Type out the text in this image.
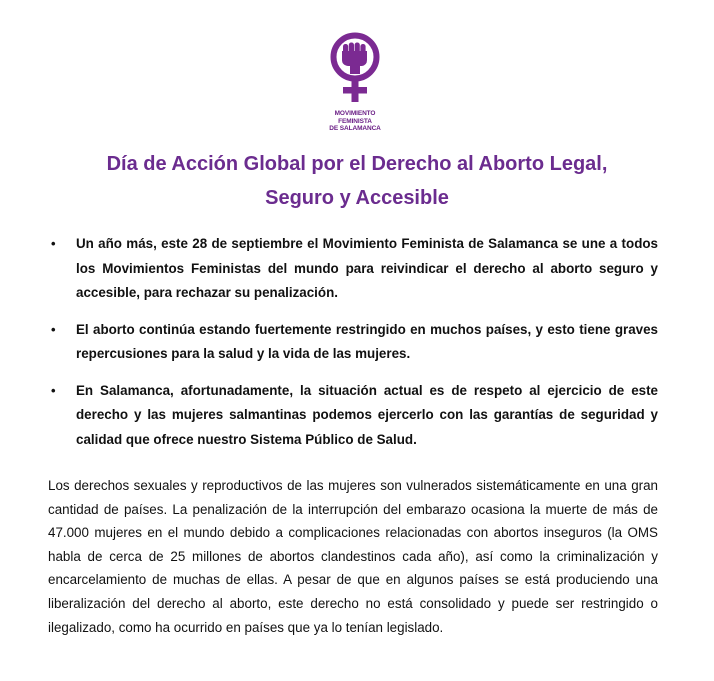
MOVIMIENTO
FEMINISTA
DE SALAMANCA
Día de Acción Global por el Derecho al Aborto Legal,
Seguro y Accesible
• Un año más, este 28 de septiembre el Movimiento Feminista de Salamanca se une a todos los Movimientos Feministas del mundo para reivindicar el derecho al aborto seguro y accesible, para rechazar su penalización.
• El aborto continúa estando fuertemente restringido en muchos países, y esto tiene graves repercusiones para la salud y la vida de las mujeres.
• En Salamanca, afortunadamente, la situación actual es de respeto al ejercicio de este derecho y las mujeres salmantinas podemos ejercerlo con las garantías de seguridad y calidad que ofrece nuestro Sistema Público de Salud.

Los derechos sexuales y reproductivos de las mujeres son vulnerados sistemáticamente en una gran cantidad de países. La penalización de la interrupción del embarazo ocasiona la muerte de más de 47.000 mujeres en el mundo debido a complicaciones relacionadas con abortos inseguros (la OMS habla de cerca de 25 millones de abortos clandestinos cada año), así como la criminalización y encarcelamiento de muchas de ellas. A pesar de que en algunos países se está produciendo una liberalización del derecho al aborto, este derecho no está consolidado y puede ser restringido o ilegalizado, como ha ocurrido en países que ya lo tenían legislado.
